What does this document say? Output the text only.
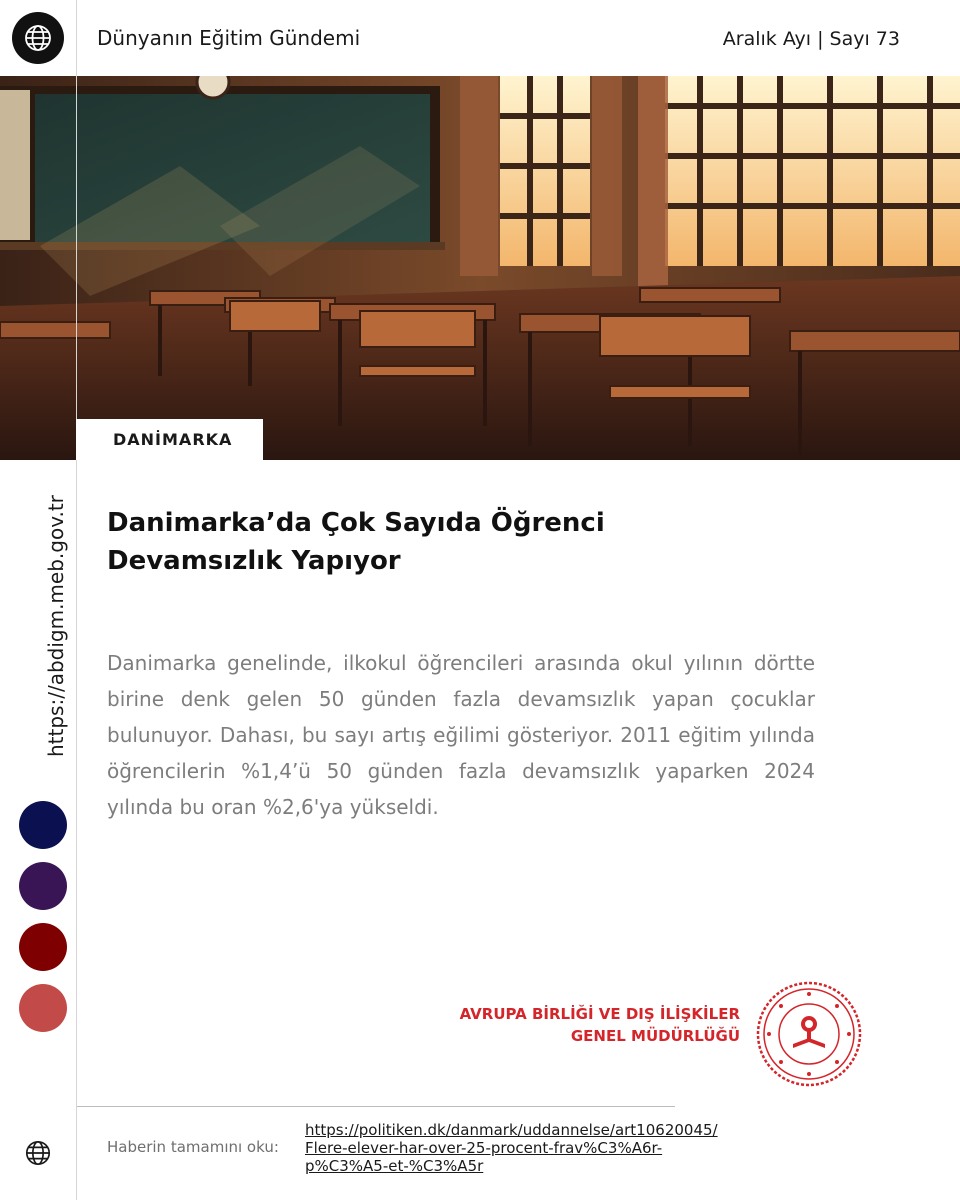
Dünyanın Eğitim Gündemi	Aralık Ayı | Sayı 73
DANİMARKA
https://abdigm.meb.gov.tr Danimarka’da Çok Sayıda Öğrenci
Devamsızlık Yapıyor
Danimarka genelinde, ilkokul öğrencileri arasında okul yılının dörtte birine denk gelen 50 günden fazla devamsızlık yapan çocuklar bulunuyor. Dahası, bu sayı artış eğilimi gösteriyor. 2011 eğitim yılında öğrencilerin %1,4’ü 50 günden fazla devamsızlık yaparken 2024 yılında bu oran %2,6'ya yükseldi.
AVRUPA BİRLİĞİ VE DIŞ İLİŞKİLER
GENEL MÜDÜRLÜĞÜ
Haberin tamamını oku:
https://politiken.dk/danmark/uddannelse/art10620045/
Flere-elever-har-over-25-procent-frav%C3%A6r-
p%C3%A5-et-%C3%A5r
